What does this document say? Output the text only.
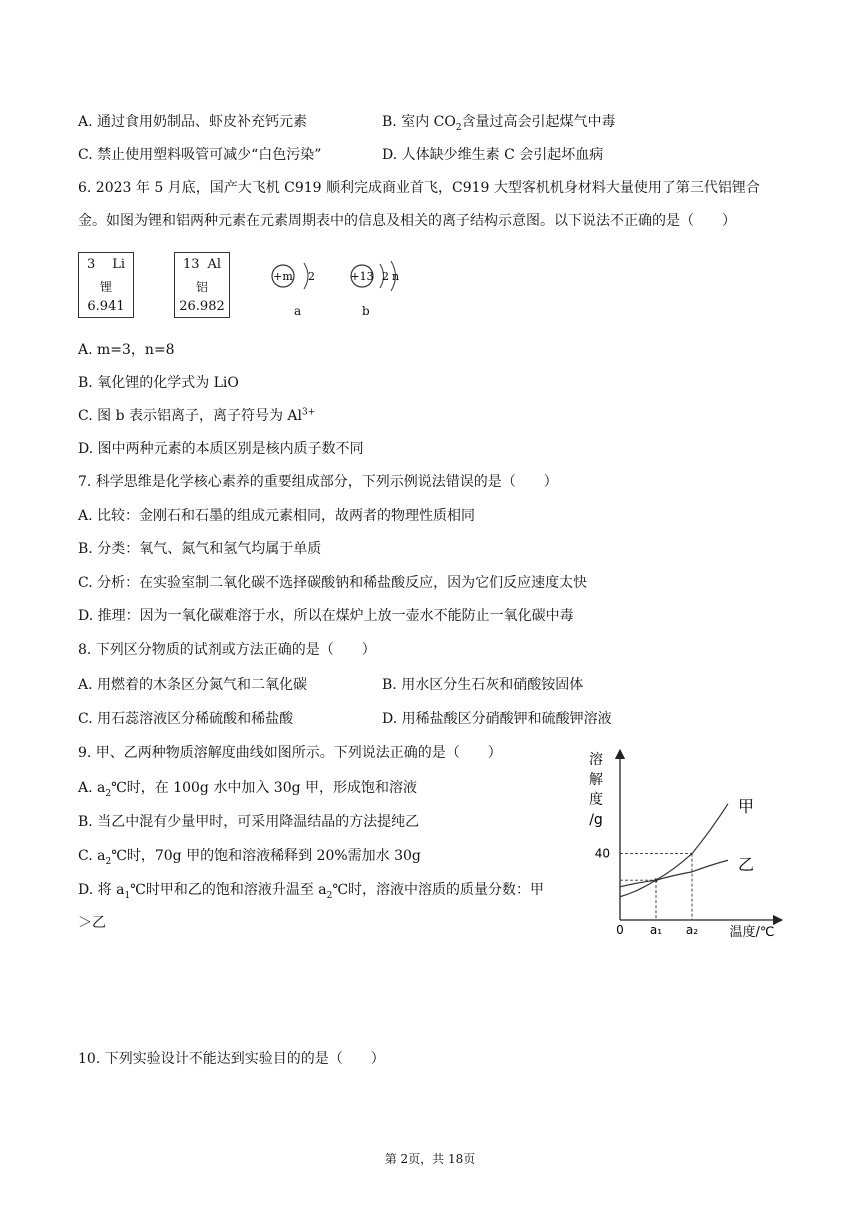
A. 通过食用奶制品、虾皮补充钙元素	B. 室内 $CO_2$含量过高会引起煤气中毒
C. 禁止使用塑料吸管可减少“白色污染”	D. 人体缺少维生素 C 会引起坏血病
6. 2023 年 5 月底，国产大飞机 C919 顺利完成商业首飞，C919 大型客机机身材料大量使用了第三代铝锂合
金。如图为锂和铝两种元素在元素周期表中的信息及相关的离子结构示意图。以下说法不正确的是（　　）
3 Li
锂
6.941
13 Al
铝
26.982
+m 2
a
+13 2 n
b
A. m=3，n=8
B. 氧化锂的化学式为 LiO
C. 图 b 表示铝离子，离子符号为 $Al^{3+}$
D. 图中两种元素的本质区别是核内质子数不同
7. 科学思维是化学核心素养的重要组成部分，下列示例说法错误的是（　　）
A. 比较：金刚石和石墨的组成元素相同，故两者的物理性质相同
B. 分类：氧气、氮气和氢气均属于单质
C. 分析：在实验室制二氧化碳不选择碳酸钠和稀盐酸反应，因为它们反应速度太快
D. 推理：因为一氧化碳难溶于水，所以在煤炉上放一壶水不能防止一氧化碳中毒
8. 下列区分物质的试剂或方法正确的是（　　）
A. 用燃着的木条区分氮气和二氧化碳	B. 用水区分生石灰和硝酸铵固体
C. 用石蕊溶液区分稀硫酸和稀盐酸	D. 用稀盐酸区分硝酸钾和硫酸钾溶液
9. 甲、乙两种物质溶解度曲线如图所示。下列说法正确的是（　　）
A. $a_2℃$时，在 100g 水中加入 30g 甲，形成饱和溶液
B. 当乙中混有少量甲时，可采用降温结晶的方法提纯乙
C. $a_2℃$时，70g 甲的饱和溶液稀释到 20%需加水 30g
D. 将 $a_1℃$时甲和乙的饱和溶液升温至 $a_2℃$时，溶液中溶质的质量分数：甲
＞乙
溶
解
度
/g
0	温度/℃
甲
乙
40
a₁ a₂
10. 下列实验设计不能达到实验目的的是（　　）
第 2页，共 18页
